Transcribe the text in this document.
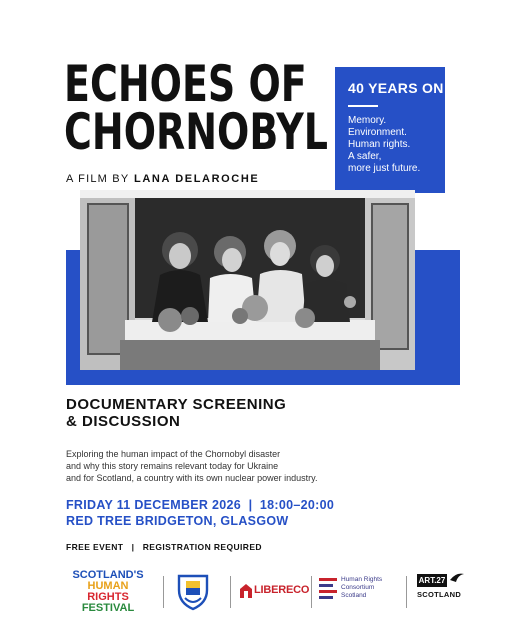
ECHOES OF
CHORNOBYL
A FILM BY LANA DELAROCHE
40 YEARS ON
Memory.
Environment.
Human rights.
A safer,
more just future.
DOCUMENTARY SCREENING
& DISCUSSION
Exploring the human impact of the Chornobyl disaster
and why this story remains relevant today for Ukraine
and for Scotland, a country with its own nuclear power industry.
FRIDAY 11 DECEMBER 2026  |  18:00–20:00
RED TREE BRIDGETON, GLASGOW
FREE EVENT   |   REGISTRATION REQUIRED
SCOTLAND'S
HUMAN
RIGHTS
FESTIVAL
LIBERECO
Human Rights
Consortium
Scotland
ART.27
SCOTLAND
